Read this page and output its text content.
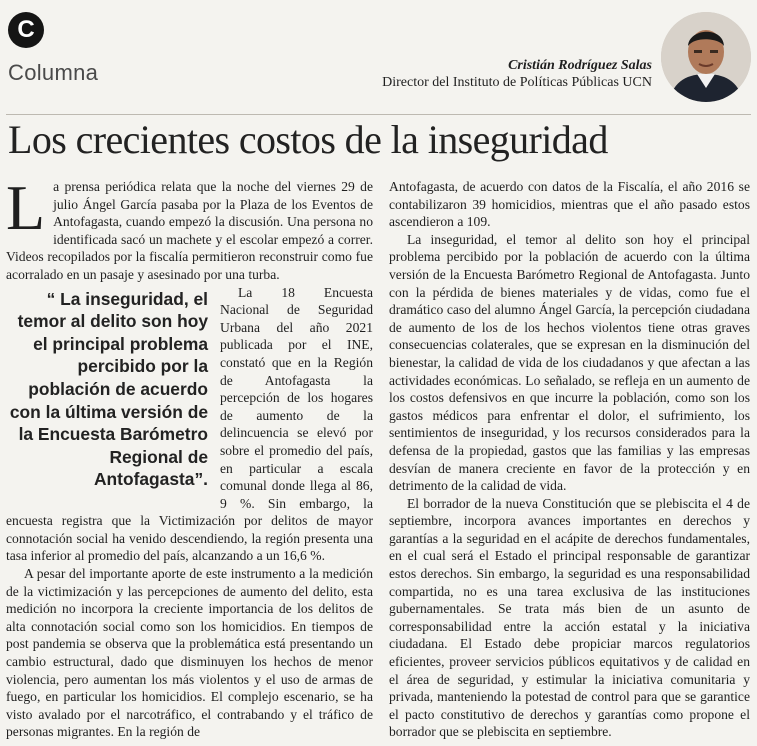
C
Columna	Cristián Rodríguez Salas
Director del Instituto de Políticas Públicas UCN
Los crecientes costos de la inseguridad

La prensa periódica relata que la noche del viernes 29 de julio Ángel García pasaba por la Plaza de los Eventos de Antofagasta, cuando empezó la discusión. Una persona no identificada sacó un machete y el escolar empezó a correr. Videos recopilados por la fiscalía permitieron reconstruir como fue acorralado en un pasaje y asesinado por una turba.

“ La inseguridad, el temor al delito son hoy el principal problema percibido por la población de acuerdo con la última versión de la Encuesta Barómetro Regional de Antofagasta”.
La 18 Encuesta Nacional de Seguridad Urbana del año 2021 publicada por el INE, constató que en la Región de Antofagasta la percepción de los hogares de aumento de la delincuencia se elevó por sobre el promedio del país, en particular a escala comunal donde llega al 86, 9 %. Sin embargo, la encuesta registra que la Victimización por delitos de mayor connotación social ha venido descendiendo, la región presenta una tasa inferior al promedio del país, alcanzando a un 16,6 %.

A pesar del importante aporte de este instrumento a la medición de la victimización y las percepciones de aumento del delito, esta medición no incorpora la creciente importancia de los delitos de alta connotación social como son los homicidios. En tiempos de post pandemia se observa que la problemática está presentando un cambio estructural, dado que disminuyen los hechos de menor violencia, pero aumentan los más violentos y el uso de armas de fuego, en particular los homicidios. El complejo escenario, se ha visto avalado por el narcotráfico, el contrabando y el tráfico de personas migrantes. En la región de

Antofagasta, de acuerdo con datos de la Fiscalía, el año 2016 se contabilizaron 39 homicidios, mientras que el año pasado estos ascendieron a 109.

La inseguridad, el temor al delito son hoy el principal problema percibido por la población de acuerdo con la última versión de la Encuesta Barómetro Regional de Antofagasta. Junto con la pérdida de bienes materiales y de vidas, como fue el dramático caso del alumno Ángel García, la percepción ciudadana de aumento de los de los hechos violentos tiene otras graves consecuencias colaterales, que se expresan en la disminución del bienestar, la calidad de vida de los ciudadanos y que afectan a las actividades económicas. Lo señalado, se refleja en un aumento de los costos defensivos en que incurre la población, como son los gastos médicos para enfrentar el dolor, el sufrimiento, los sentimientos de inseguridad, y los recursos considerados para la defensa de la propiedad, gastos que las familias y las empresas desvían de manera creciente en favor de la protección y en detrimento de la calidad de vida.

El borrador de la nueva Constitución que se plebiscita el 4 de septiembre, incorpora avances importantes en derechos y garantías a la seguridad en el acápite de derechos fundamentales, en el cual será el Estado el principal responsable de garantizar estos derechos. Sin embargo, la seguridad es una responsabilidad compartida, no es una tarea exclusiva de las instituciones gubernamentales. Se trata más bien de un asunto de corresponsabilidad entre la acción estatal y la iniciativa ciudadana. El Estado debe propiciar marcos regulatorios eficientes, proveer servicios públicos equitativos y de calidad en el área de seguridad, y estimular la iniciativa comunitaria y privada, manteniendo la potestad de control para que se garantice el pacto constitutivo de derechos y garantías como propone el borrador que se plebiscita en septiembre.
